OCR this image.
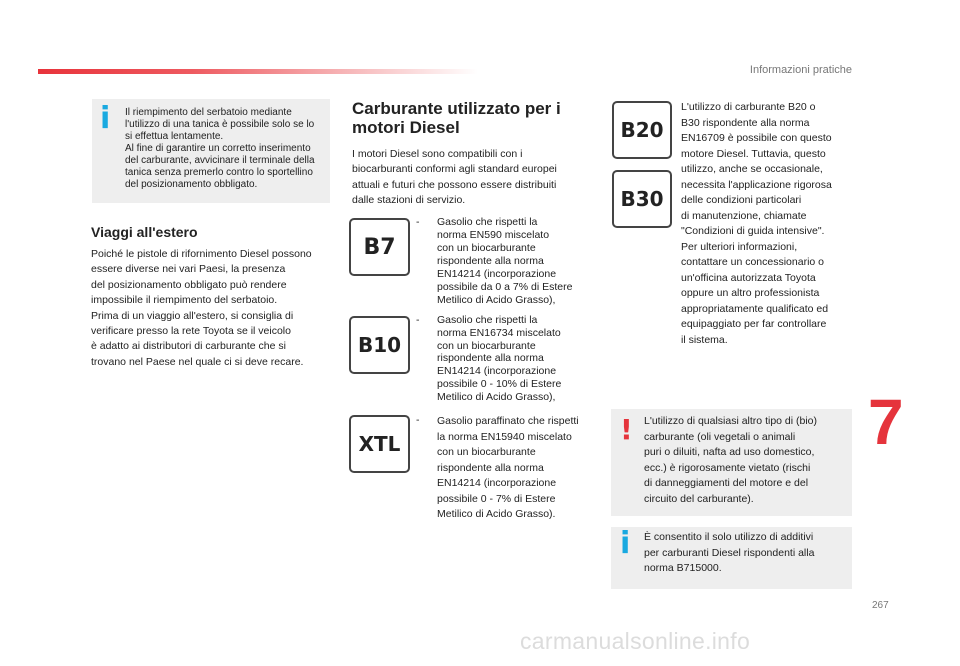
Informazioni pratiche
i Il riempimento del serbatoio mediante
l'utilizzo di una tanica è possibile solo se lo
si effettua lentamente.
Al fine di garantire un corretto inserimento
del carburante, avvicinare il terminale della
tanica senza premerlo contro lo sportellino
del posizionamento obbligato.
Viaggi all'estero
Poiché le pistole di rifornimento Diesel possono
essere diverse nei vari Paesi, la presenza
del posizionamento obbligato può rendere
impossibile il riempimento del serbatoio.
Prima di un viaggio all'estero, si consiglia di
verificare presso la rete Toyota se il veicolo
è adatto ai distributori di carburante che si
trovano nel Paese nel quale ci si deve recare.
Carburante utilizzato per i motori Diesel
I motori Diesel sono compatibili con i
biocarburanti conformi agli standard europei
attuali e futuri che possono essere distribuiti
dalle stazioni di servizio.
B7
- Gasolio che rispetti la
norma EN590 miscelato
con un biocarburante
rispondente alla norma
EN14214 (incorporazione
possibile da 0 a 7% di Estere
Metilico di Acido Grasso),
B10
- Gasolio che rispetti la
norma EN16734 miscelato
con un biocarburante
rispondente alla norma
EN14214 (incorporazione
possibile 0 - 10% di Estere
Metilico di Acido Grasso),
XTL
- Gasolio paraffinato che rispetti
la norma EN15940 miscelato
con un biocarburante
rispondente alla norma
EN14214 (incorporazione
possibile 0 - 7% di Estere
Metilico di Acido Grasso).
B20
B30
L'utilizzo di carburante B20 o
B30 rispondente alla norma
EN16709 è possibile con questo
motore Diesel. Tuttavia, questo
utilizzo, anche se occasionale,
necessita l'applicazione rigorosa
delle condizioni particolari
di manutenzione, chiamate
"Condizioni di guida intensive".
Per ulteriori informazioni,
contattare un concessionario o
un'officina autorizzata Toyota
oppure un altro professionista
appropriatamente qualificato ed
equipaggiato per far controllare
il sistema.
! L'utilizzo di qualsiasi altro tipo di (bio)
carburante (oli vegetali o animali
puri o diluiti, nafta ad uso domestico,
ecc.) è rigorosamente vietato (rischi
di danneggiamenti del motore e del
circuito del carburante).
i È consentito il solo utilizzo di additivi
per carburanti Diesel rispondenti alla
norma B715000.
7
267
carmanualsonline.info
